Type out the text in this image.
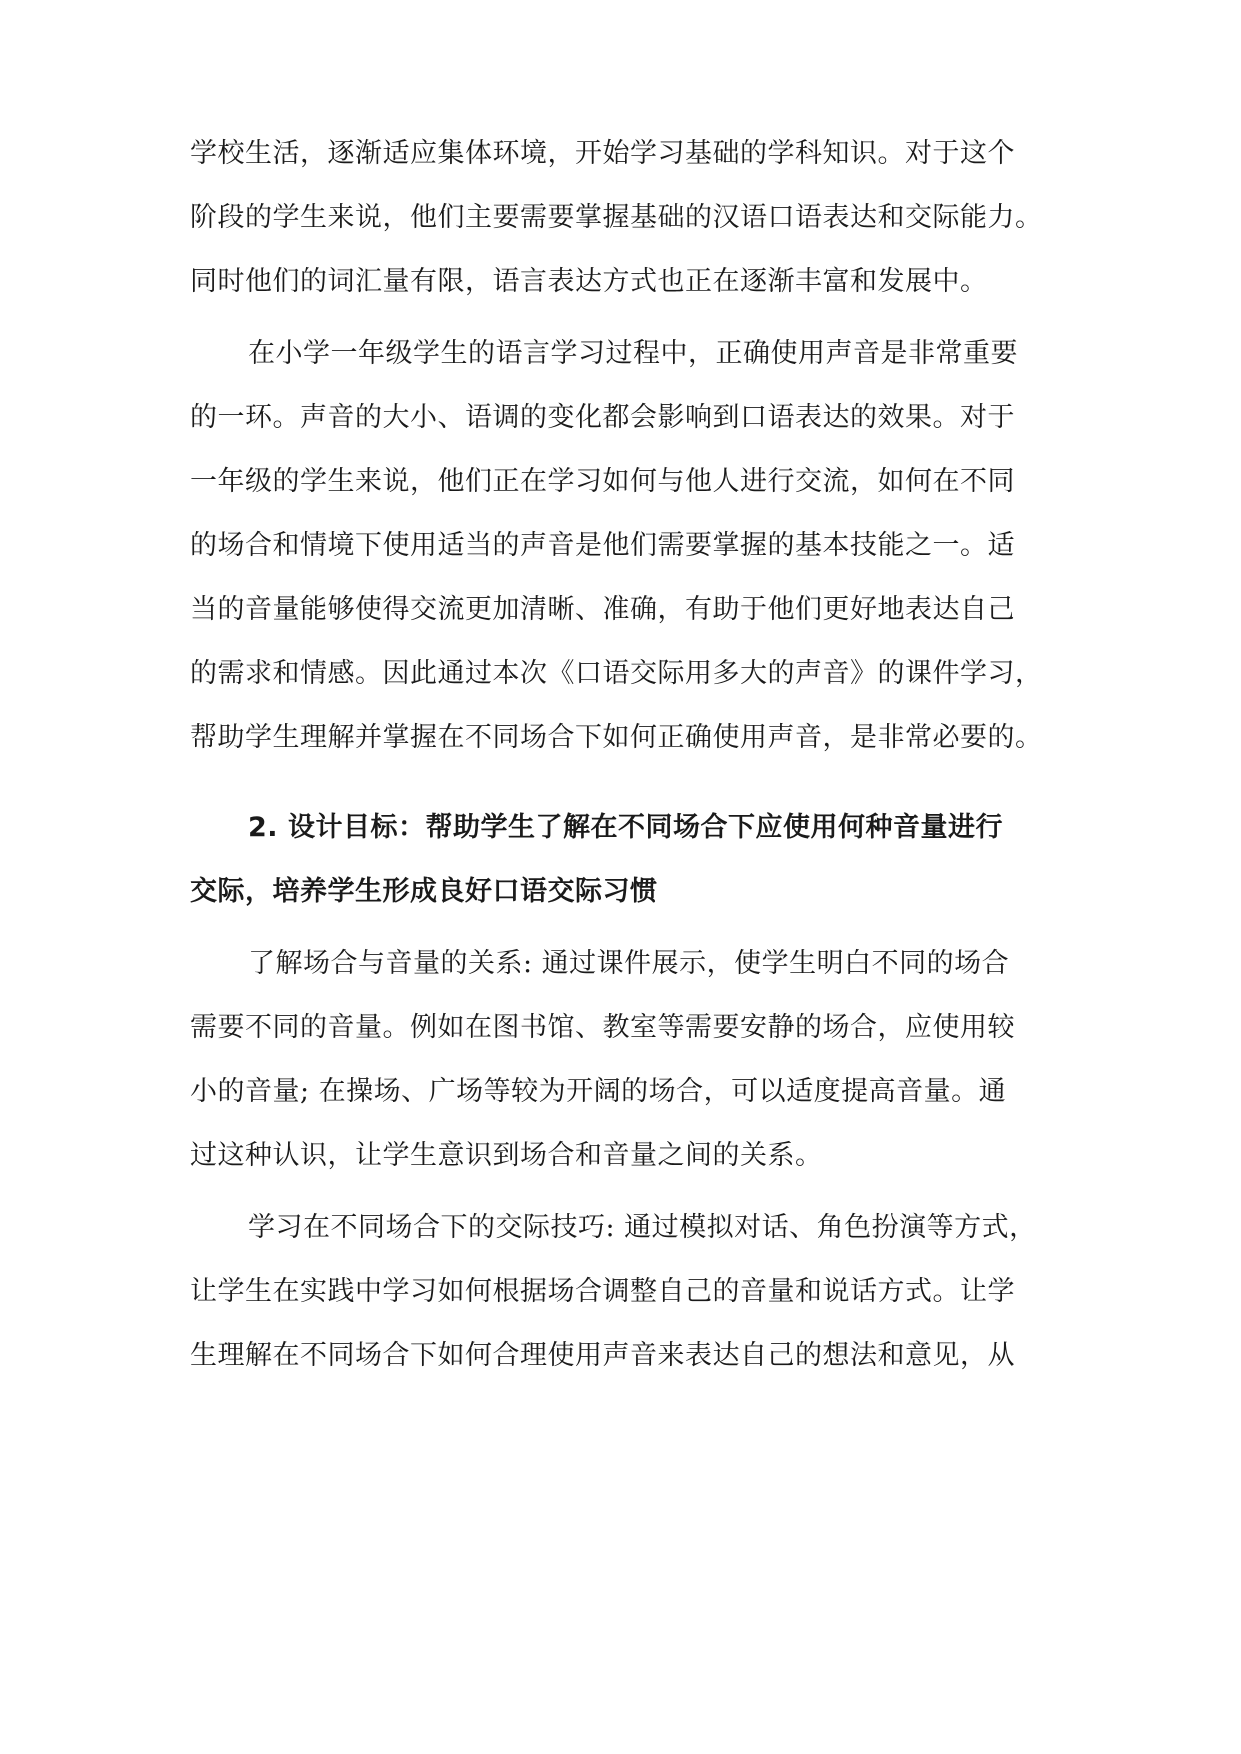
学校生活，逐渐适应集体环境，开始学习基础的学科知识。对于这个
阶段的学生来说，他们主要需要掌握基础的汉语口语表达和交际能力。
同时他们的词汇量有限，语言表达方式也正在逐渐丰富和发展中。
在小学一年级学生的语言学习过程中，正确使用声音是非常重要
的一环。声音的大小、语调的变化都会影响到口语表达的效果。对于
一年级的学生来说，他们正在学习如何与他人进行交流，如何在不同
的场合和情境下使用适当的声音是他们需要掌握的基本技能之一。适
当的音量能够使得交流更加清晰、准确，有助于他们更好地表达自己
的需求和情感。因此通过本次《口语交际用多大的声音》的课件学习，
帮助学生理解并掌握在不同场合下如何正确使用声音，是非常必要的。
2. 设计目标：帮助学生了解在不同场合下应使用何种音量进行
交际，培养学生形成良好口语交际习惯
了解场合与音量的关系: 通过课件展示，使学生明白不同的场合
需要不同的音量。例如在图书馆、教室等需要安静的场合，应使用较
小的音量; 在操场、广场等较为开阔的场合，可以适度提高音量。通
过这种认识，让学生意识到场合和音量之间的关系。
学习在不同场合下的交际技巧: 通过模拟对话、角色扮演等方式，
让学生在实践中学习如何根据场合调整自己的音量和说话方式。让学
生理解在不同场合下如何合理使用声音来表达自己的想法和意见，从
